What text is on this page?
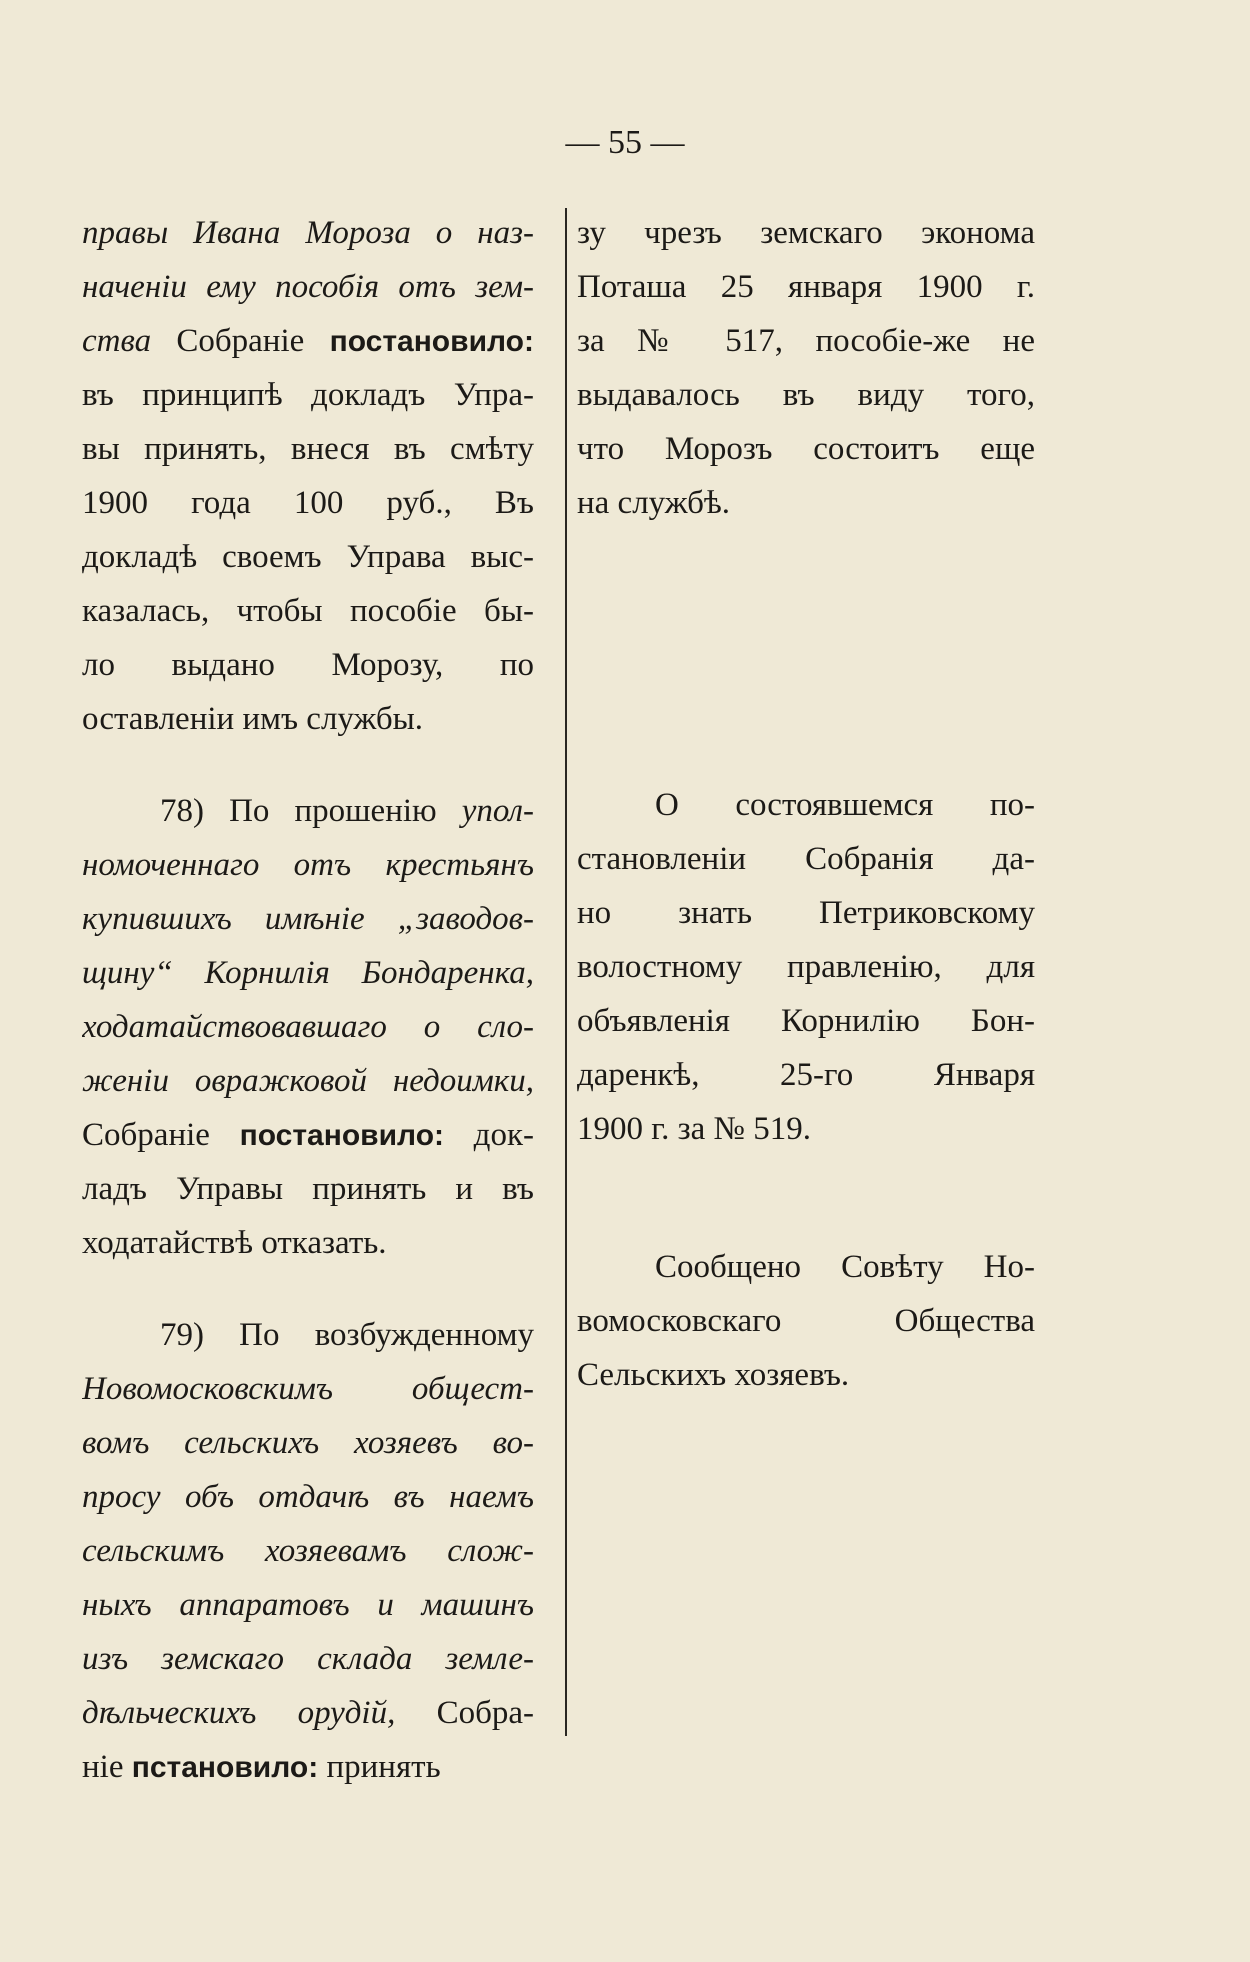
— 55 —
правы Ивана Мороза о наз-
наченіи ему пособія отъ зем-
ства Собраніе постановило:
въ принципѣ докладъ Упра-
вы принять, внеся въ смѣту
1900 года 100 руб., Въ
докладѣ своемъ Управа выс-
казалась, чтобы пособіе бы-
ло выдано Морозу, по
оставленіи имъ службы.
78) По прошенію упол-
номоченнаго отъ крестьянъ
купившихъ имѣніе „заводов-
щину“ Корнилія Бондаренка,
ходатайствовавшаго о сло-
женіи овражковой недоимки,
Собраніе постановило: док-
ладъ Управы принять и въ
ходатайствѣ отказать.
79) По возбужденному
Новомосковскимъ общест-
вомъ сельскихъ хозяевъ во-
просу объ отдачѣ въ наемъ
сельскимъ хозяевамъ слож-
ныхъ аппаратовъ и машинъ
изъ земскаго склада земле-
дѣльческихъ орудій, Собра-
ніе пстановило: принять
зу чрезъ земскаго эконома
Поташа 25 января 1900 г.
за № 517, пособіе-же не
выдавалось въ виду того,
что Морозъ состоитъ еще
на службѣ.
О состоявшемся по-
становленіи Собранія да-
но знать Петриковскому
волостному правленію, для
объявленія Корнилію Бон-
даренкѣ, 25-го Января
1900 г. за № 519.
Сообщено Совѣту Но-
вомосковскаго Общества
Сельскихъ хозяевъ.
